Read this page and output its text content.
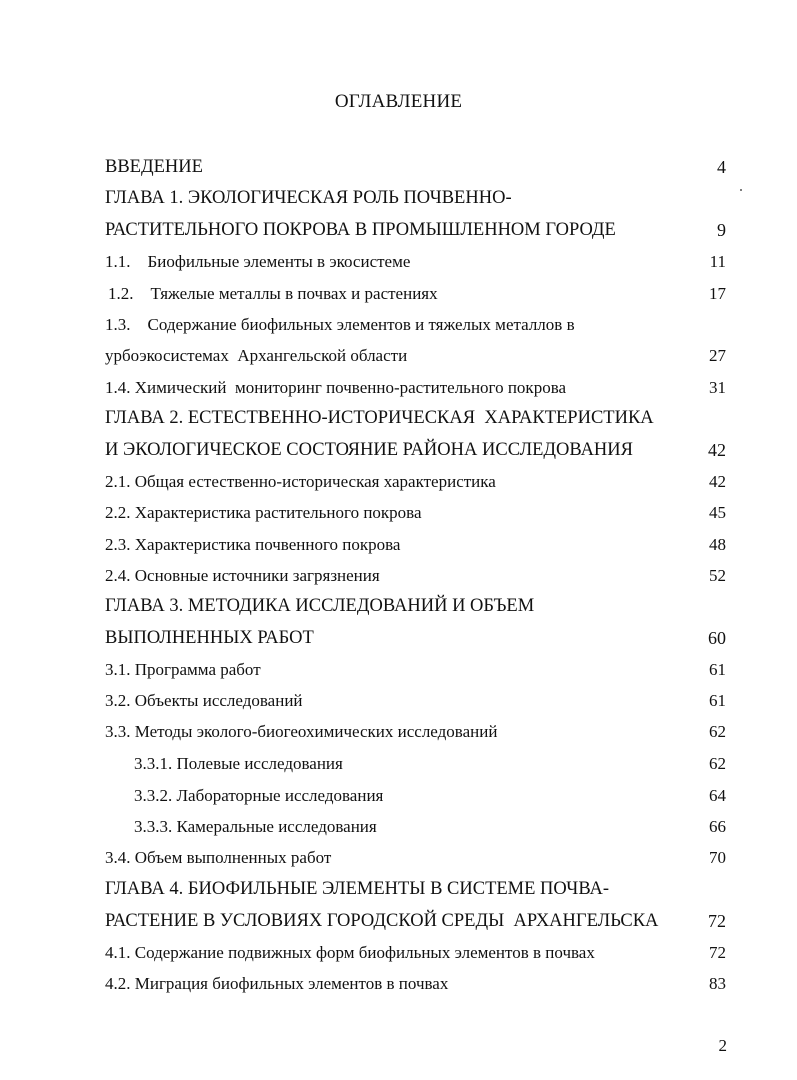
ОГЛАВЛЕНИЕ
ВВЕДЕНИЕ	4
ГЛАВА 1. ЭКОЛОГИЧЕСКАЯ РОЛЬ ПОЧВЕННО-
РАСТИТЕЛЬНОГО ПОКРОВА В ПРОМЫШЛЕННОМ ГОРОДЕ	9
1.1.    Биофильные элементы в экосистеме	11
1.2.    Тяжелые металлы в почвах и растениях	17
1.3.    Содержание биофильных элементов и тяжелых металлов в
урбоэкосистемах  Архангельской области	27
1.4. Химический  мониторинг почвенно-растительного покрова	31
ГЛАВА 2. ЕСТЕСТВЕННО-ИСТОРИЧЕСКАЯ  ХАРАКТЕРИСТИКА
И ЭКОЛОГИЧЕСКОЕ СОСТОЯНИЕ РАЙОНА ИССЛЕДОВАНИЯ	42
2.1. Общая естественно-историческая характеристика	42
2.2. Характеристика растительного покрова	45
2.3. Характеристика почвенного покрова	48
2.4. Основные источники загрязнения	52
ГЛАВА 3. МЕТОДИКА ИССЛЕДОВАНИЙ И ОБЪЕМ
ВЫПОЛНЕННЫХ РАБОТ	60
3.1. Программа работ	61
3.2. Объекты исследований	61
3.3. Методы эколого-биогеохимических исследований	62
3.3.1. Полевые исследования	62
3.3.2. Лабораторные исследования	64
3.3.3. Камеральные исследования	66
3.4. Объем выполненных работ	70
ГЛАВА 4. БИОФИЛЬНЫЕ ЭЛЕМЕНТЫ В СИСТЕМЕ ПОЧВА-
РАСТЕНИЕ В УСЛОВИЯХ ГОРОДСКОЙ СРЕДЫ  АРХАНГЕЛЬСКА	72
4.1. Содержание подвижных форм биофильных элементов в почвах	72
4.2. Миграция биофильных элементов в почвах	83
2
